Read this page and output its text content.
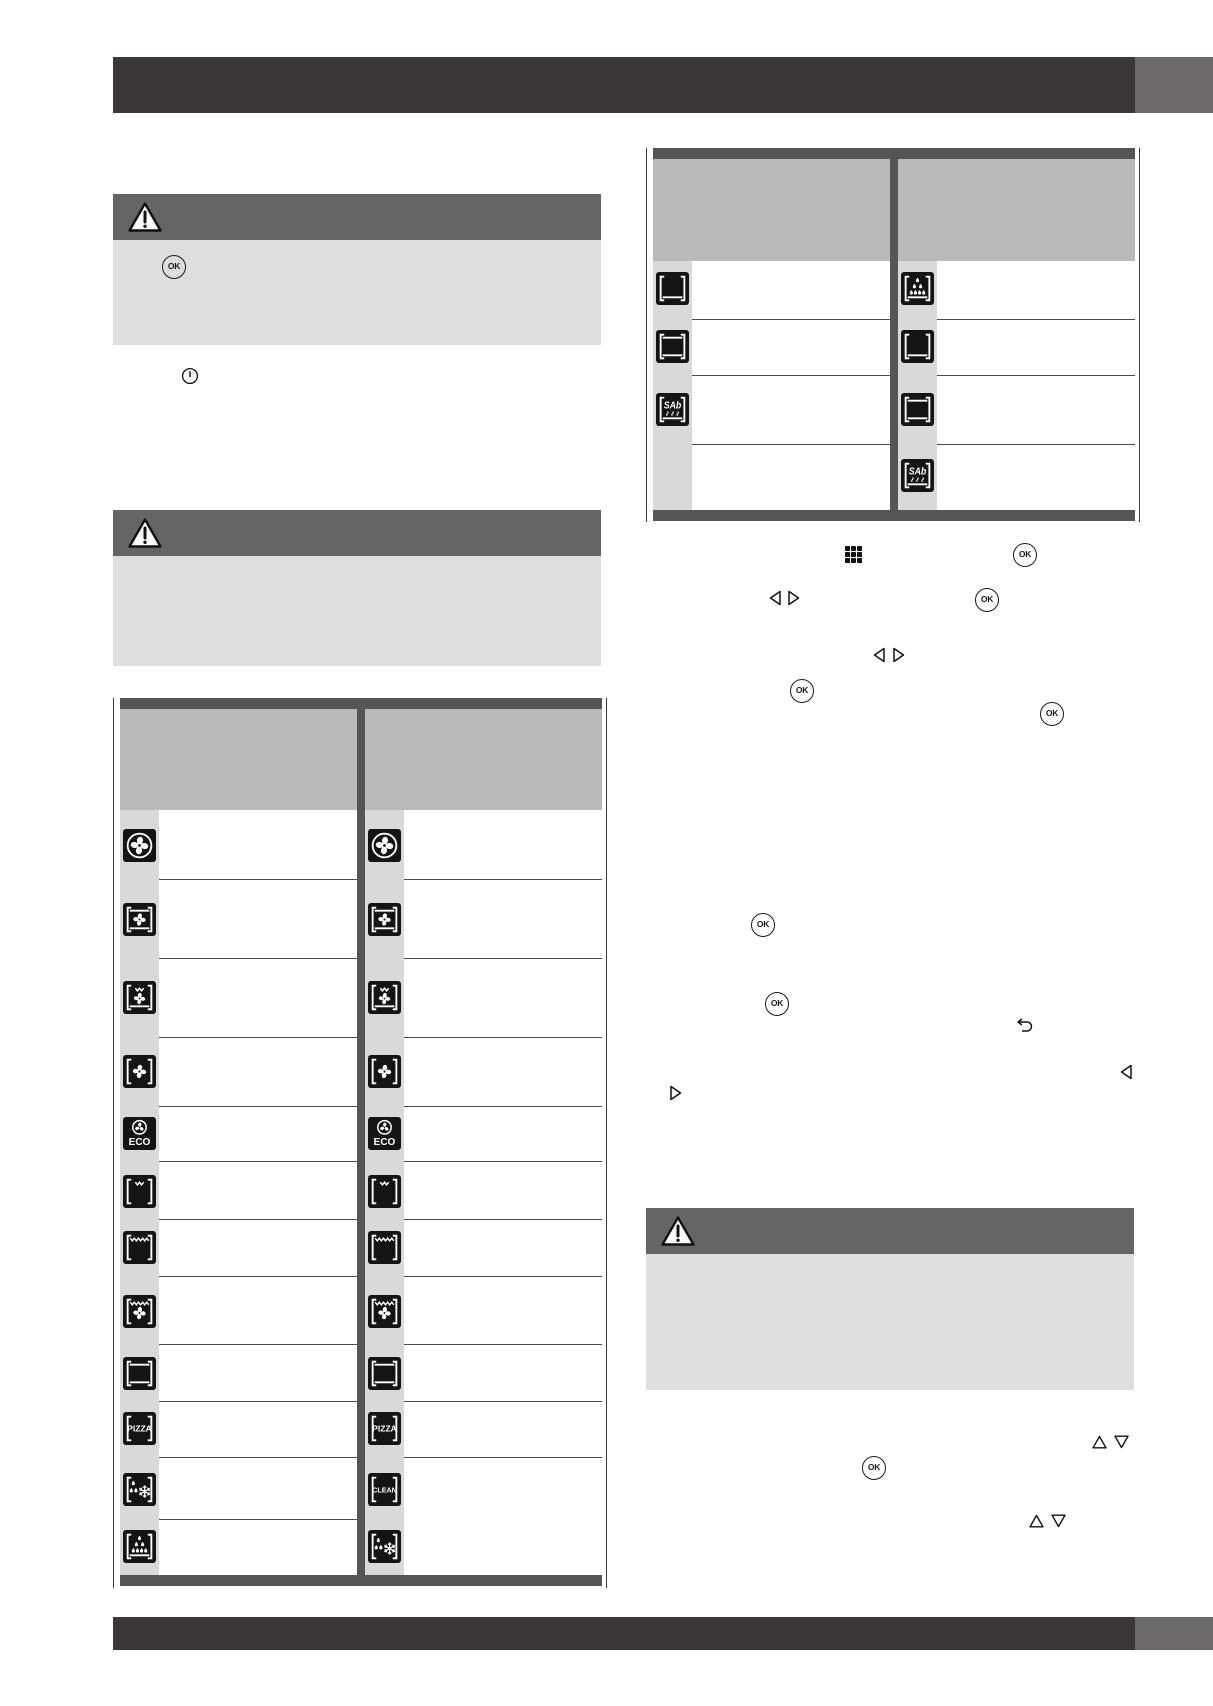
OK
ECO
PIZZA
ECO
PIZZA
CLEAN
SAb
SAb
OK
OK
OK
OK
OK
OK
OK
